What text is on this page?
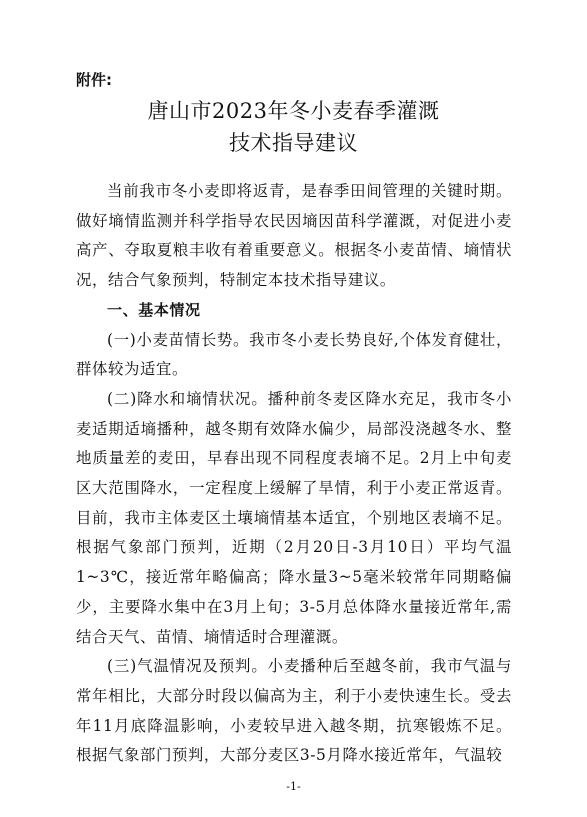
附件:
唐山市2023年冬小麦春季灌溉
技术指导建议

当前我市冬小麦即将返青，是春季田间管理的关键时期。做好墒情监测并科学指导农民因墒因苗科学灌溉，对促进小麦高产、夺取夏粮丰收有着重要意义。根据冬小麦苗情、墒情状况，结合气象预判，特制定本技术指导建议。

一、基本情况

(一)小麦苗情长势。我市冬小麦长势良好,个体发育健壮，群体较为适宜。

(二)降水和墒情状况。播种前冬麦区降水充足，我市冬小麦适期适墒播种，越冬期有效降水偏少，局部没浇越冬水、整地质量差的麦田，早春出现不同程度表墒不足。2月上中旬麦区大范围降水，一定程度上缓解了旱情，利于小麦正常返青。目前，我市主体麦区土壤墒情基本适宜，个别地区表墒不足。根据气象部门预判，近期（2月20日-3月10日）平均气温1~3℃，接近常年略偏高；降水量3~5毫米较常年同期略偏少，主要降水集中在3月上旬；3-5月总体降水量接近常年,需结合天气、苗情、墒情适时合理灌溉。

(三)气温情况及预判。小麦播种后至越冬前，我市气温与常年相比，大部分时段以偏高为主，利于小麦快速生长。受去年11月底降温影响，小麦较早进入越冬期，抗寒锻炼不足。根据气象部门预判，大部分麦区3-5月降水接近常年，气温较

-1-
